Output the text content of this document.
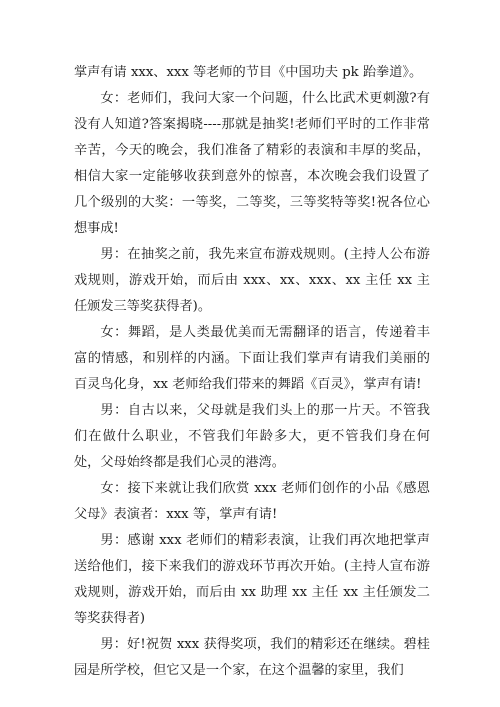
掌声有请 xxx、xxx 等老师的节目《中国功夫 pk 跆拳道》。

女：老师们，我问大家一个问题，什么比武术更刺激?有没有人知道?答案揭晓----那就是抽奖!老师们平时的工作非常辛苦，今天的晚会，我们准备了精彩的表演和丰厚的奖品，相信大家一定能够收获到意外的惊喜，本次晚会我们设置了几个级别的大奖：一等奖，二等奖，三等奖特等奖!祝各位心想事成!

男：在抽奖之前，我先来宣布游戏规则。(主持人公布游戏规则，游戏开始，而后由 xxx、xx、xxx、xx 主任 xx 主任颁发三等奖获得者)。

女：舞蹈，是人类最优美而无需翻译的语言，传递着丰富的情感，和别样的内涵。下面让我们掌声有请我们美丽的百灵鸟化身，xx 老师给我们带来的舞蹈《百灵》，掌声有请!

男：自古以来，父母就是我们头上的那一片天。不管我们在做什么职业，不管我们年龄多大，更不管我们身在何处，父母始终都是我们心灵的港湾。

女：接下来就让我们欣赏 xxx 老师们创作的小品《感恩父母》表演者：xxx 等，掌声有请!

男：感谢 xxx 老师们的精彩表演，让我们再次地把掌声送给他们，接下来我们的游戏环节再次开始。(主持人宣布游戏规则，游戏开始，而后由 xx 助理 xx 主任 xx 主任颁发二等奖获得者)

男：好!祝贺 xxx 获得奖项，我们的精彩还在继续。碧桂园是所学校，但它又是一个家，在这个温馨的家里，我们
